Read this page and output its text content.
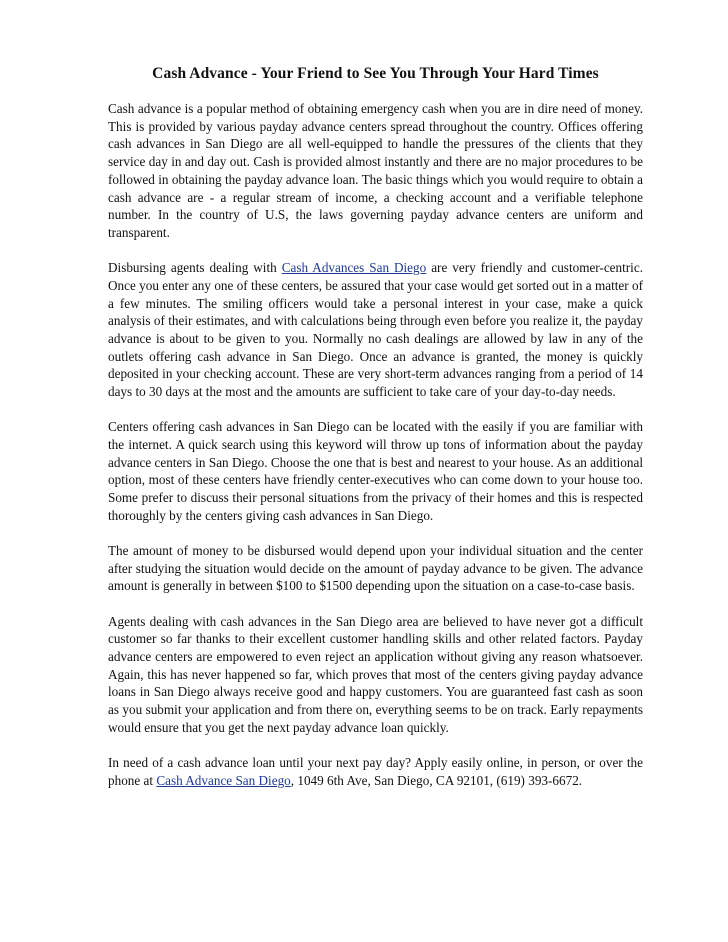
Cash Advance - Your Friend to See You Through Your Hard Times

Cash advance is a popular method of obtaining emergency cash when you are in dire need of money. This is provided by various payday advance centers spread throughout the country. Offices offering cash advances in San Diego are all well-equipped to handle the pressures of the clients that they service day in and day out. Cash is provided almost instantly and there are no major procedures to be followed in obtaining the payday advance loan. The basic things which you would require to obtain a cash advance are - a regular stream of income, a checking account and a verifiable telephone number. In the country of U.S, the laws governing payday advance centers are uniform and transparent.

Disbursing agents dealing with Cash Advances San Diego are very friendly and customer-centric. Once you enter any one of these centers, be assured that your case would get sorted out in a matter of a few minutes. The smiling officers would take a personal interest in your case, make a quick analysis of their estimates, and with calculations being through even before you realize it, the payday advance is about to be given to you. Normally no cash dealings are allowed by law in any of the outlets offering cash advance in San Diego. Once an advance is granted, the money is quickly deposited in your checking account. These are very short-term advances ranging from a period of 14 days to 30 days at the most and the amounts are sufficient to take care of your day-to-day needs.

Centers offering cash advances in San Diego can be located with the easily if you are familiar with the internet. A quick search using this keyword will throw up tons of information about the payday advance centers in San Diego. Choose the one that is best and nearest to your house. As an additional option, most of these centers have friendly center-executives who can come down to your house too. Some prefer to discuss their personal situations from the privacy of their homes and this is respected thoroughly by the centers giving cash advances in San Diego.

The amount of money to be disbursed would depend upon your individual situation and the center after studying the situation would decide on the amount of payday advance to be given. The advance amount is generally in between $100 to $1500 depending upon the situation on a case-to-case basis.

Agents dealing with cash advances in the San Diego area are believed to have never got a difficult customer so far thanks to their excellent customer handling skills and other related factors. Payday advance centers are empowered to even reject an application without giving any reason whatsoever. Again, this has never happened so far, which proves that most of the centers giving payday advance loans in San Diego always receive good and happy customers. You are guaranteed fast cash as soon as you submit your application and from there on, everything seems to be on track. Early repayments would ensure that you get the next payday advance loan quickly.

In need of a cash advance loan until your next pay day? Apply easily online, in person, or over the phone at Cash Advance San Diego, 1049 6th Ave, San Diego, CA 92101, (619) 393-6672.
